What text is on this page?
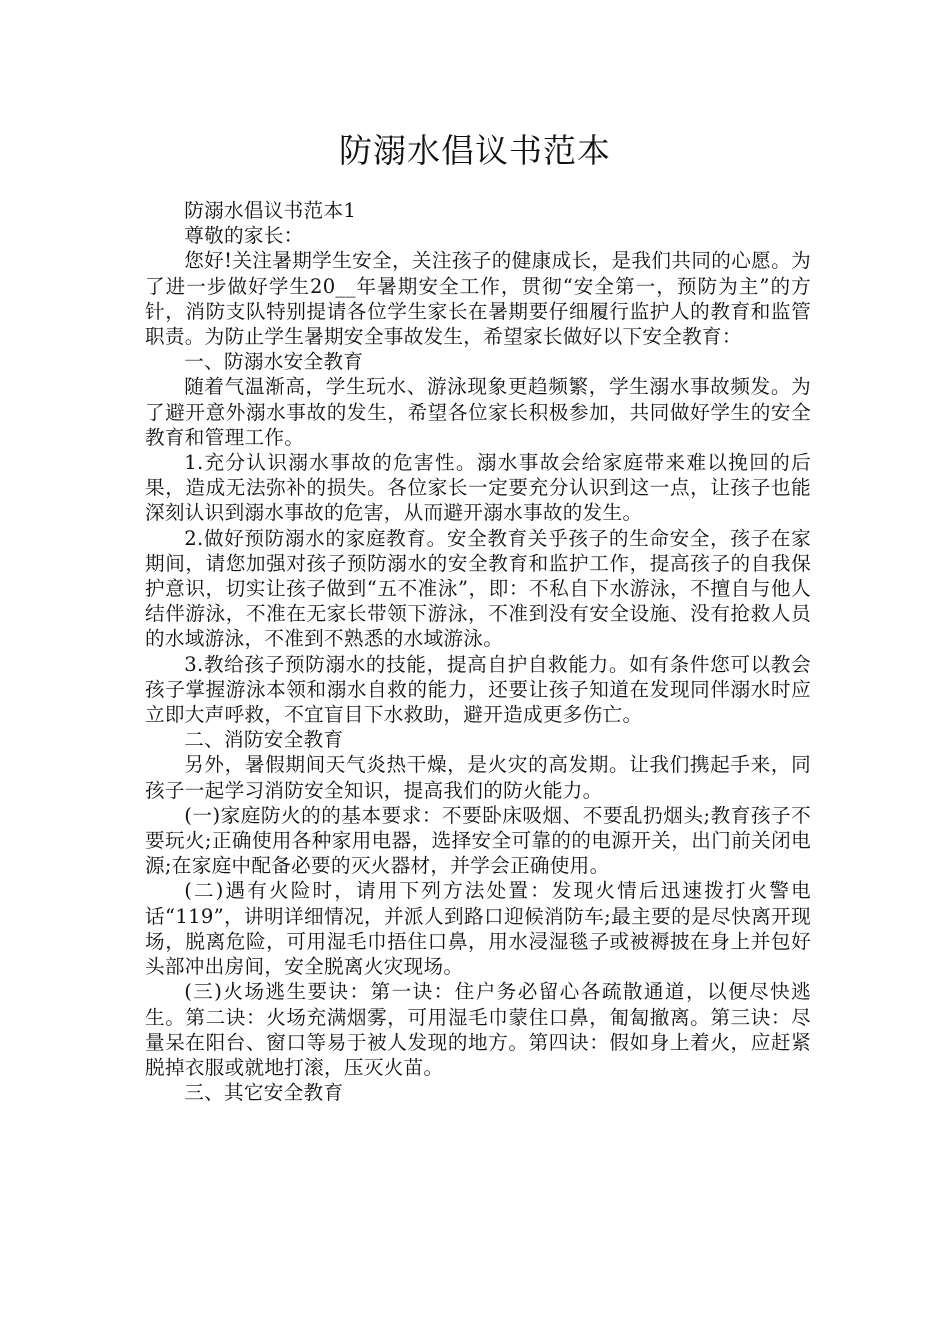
防溺水倡议书范本

防溺水倡议书范本1

尊敬的家长：

您好!关注暑期学生安全，关注孩子的健康成长，是我们共同的心愿。为了进一步做好学生20__年暑期安全工作，贯彻“安全第一，预防为主”的方针，消防支队特别提请各位学生家长在暑期要仔细履行监护人的教育和监管职责。为防止学生暑期安全事故发生，希望家长做好以下安全教育：

一、防溺水安全教育

随着气温渐高，学生玩水、游泳现象更趋频繁，学生溺水事故频发。为了避开意外溺水事故的发生，希望各位家长积极参加，共同做好学生的安全教育和管理工作。

1.充分认识溺水事故的危害性。溺水事故会给家庭带来难以挽回的后果，造成无法弥补的损失。各位家长一定要充分认识到这一点，让孩子也能深刻认识到溺水事故的危害，从而避开溺水事故的发生。

2.做好预防溺水的家庭教育。安全教育关乎孩子的生命安全，孩子在家期间，请您加强对孩子预防溺水的安全教育和监护工作，提高孩子的自我保护意识，切实让孩子做到“五不准泳”，即：不私自下水游泳，不擅自与他人结伴游泳，不准在无家长带领下游泳，不准到没有安全设施、没有抢救人员的水域游泳，不准到不熟悉的水域游泳。

3.教给孩子预防溺水的技能，提高自护自救能力。如有条件您可以教会孩子掌握游泳本领和溺水自救的能力，还要让孩子知道在发现同伴溺水时应立即大声呼救，不宜盲目下水救助，避开造成更多伤亡。

二、消防安全教育

另外，暑假期间天气炎热干燥，是火灾的高发期。让我们携起手来，同孩子一起学习消防安全知识，提高我们的防火能力。

(一)家庭防火的的基本要求：不要卧床吸烟、不要乱扔烟头;教育孩子不要玩火;正确使用各种家用电器，选择安全可靠的的电源开关，出门前关闭电源;在家庭中配备必要的灭火器材，并学会正确使用。

(二)遇有火险时，请用下列方法处置：发现火情后迅速拨打火警电话“119”，讲明详细情况，并派人到路口迎候消防车;最主要的是尽快离开现场，脱离危险，可用湿毛巾捂住口鼻，用水浸湿毯子或被褥披在身上并包好头部冲出房间，安全脱离火灾现场。

(三)火场逃生要诀：第一诀：住户务必留心各疏散通道，以便尽快逃生。第二诀：火场充满烟雾，可用湿毛巾蒙住口鼻，匍匐撤离。第三诀：尽量呆在阳台、窗口等易于被人发现的地方。第四诀：假如身上着火，应赶紧脱掉衣服或就地打滚，压灭火苗。

三、其它安全教育
